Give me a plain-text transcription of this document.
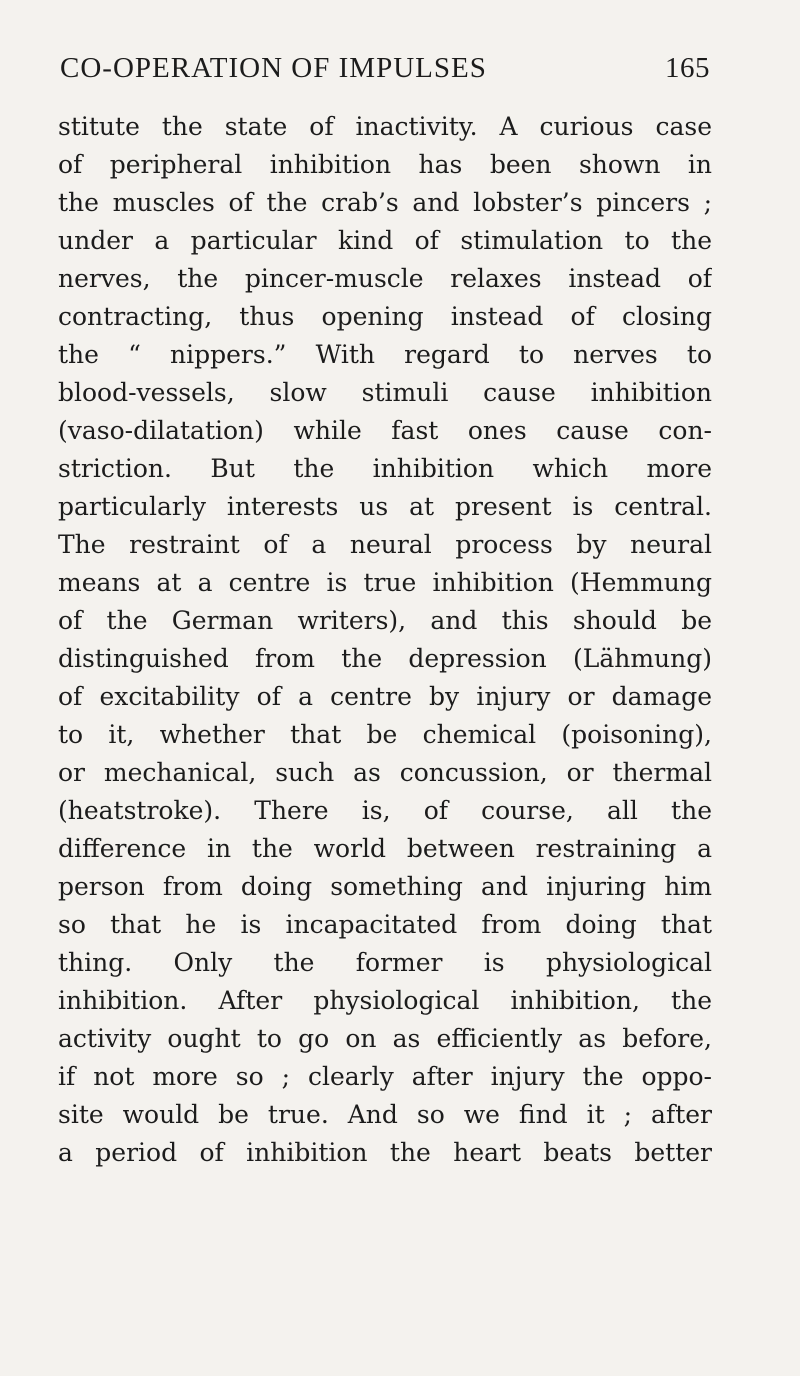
CO-OPERATION OF IMPULSES	165
stitute the state of inactivity. A curious case
of peripheral inhibition has been shown in
the muscles of the crab’s and lobster’s pincers ;
under a particular kind of stimulation to the
nerves, the pincer-muscle relaxes instead of
contracting, thus opening instead of closing
the “ nippers.” With regard to nerves to
blood-vessels, slow stimuli cause inhibition
(vaso-dilatation) while fast ones cause con-
striction. But the inhibition which more
particularly interests us at present is central.
The restraint of a neural process by neural
means at a centre is true inhibition (Hemmung
of the German writers), and this should be
distinguished from the depression (Lähmung)
of excitability of a centre by injury or damage
to it, whether that be chemical (poisoning),
or mechanical, such as concussion, or thermal
(heatstroke). There is, of course, all the
difference in the world between restraining a
person from doing something and injuring him
so that he is incapacitated from doing that
thing. Only the former is physiological
inhibition. After physiological inhibition, the
activity ought to go on as efficiently as before,
if not more so ; clearly after injury the oppo-
site would be true. And so we find it ; after
a period of inhibition the heart beats better
